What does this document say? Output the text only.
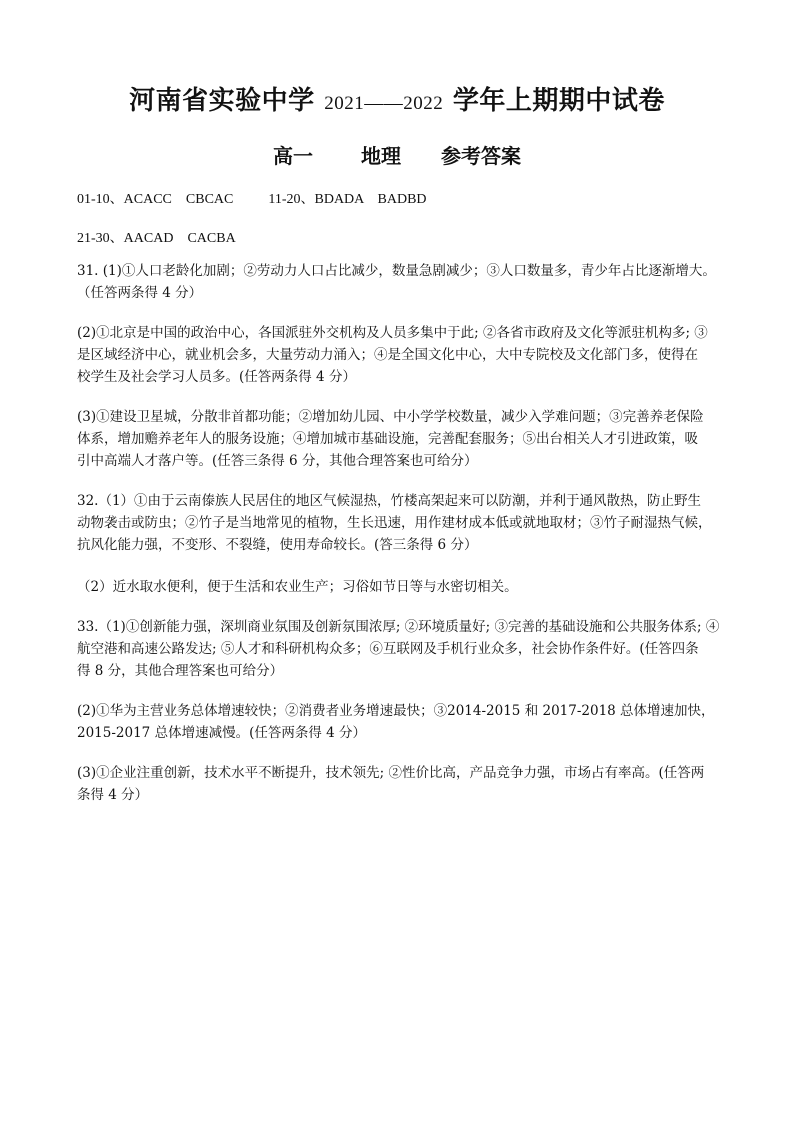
河南省实验中学 2021——2022 学年上期期中试卷
高一 地理 参考答案
01-10、ACACC    CBCAC          11-20、BDADA    BADBD
21-30、AACAD    CACBA
31. (1)①人口老龄化加剧；②劳动力人口占比减少，数量急剧减少；③人口数量多，青少年占比逐渐增大。
（任答两条得 4 分）
(2)①北京是中国的政治中心，各国派驻外交机构及人员多集中于此; ②各省市政府及文化等派驻机构多; ③
是区域经济中心，就业机会多，大量劳动力涌入；④是全国文化中心，大中专院校及文化部门多，使得在
校学生及社会学习人员多。(任答两条得 4 分）
(3)①建设卫星城，分散非首都功能；②增加幼儿园、中小学学校数量，减少入学难问题；③完善养老保险
体系，增加赡养老年人的服务设施；④增加城市基础设施，完善配套服务；⑤出台相关人才引进政策，吸
引中高端人才落户等。(任答三条得 6 分，其他合理答案也可给分）
32.（1）①由于云南傣族人民居住的地区气候湿热，竹楼高架起来可以防潮，并利于通风散热，防止野生
动物袭击或防虫；②竹子是当地常见的植物，生长迅速，用作建材成本低或就地取材；③竹子耐湿热气候，
抗风化能力强，不变形、不裂缝，使用寿命较长。(答三条得 6 分）
（2）近水取水便利，便于生活和农业生产；习俗如节日等与水密切相关。
33.（1)①创新能力强，深圳商业氛围及创新氛围浓厚; ②环境质量好; ③完善的基础设施和公共服务体系; ④
航空港和高速公路发达; ⑤人才和科研机构众多；⑥互联网及手机行业众多，社会协作条件好。(任答四条
得 8 分，其他合理答案也可给分）
(2)①华为主营业务总体增速较快；②消费者业务增速最快；③2014-2015 和 2017-2018 总体增速加快，
2015-2017 总体增速减慢。(任答两条得 4 分）
(3)①企业注重创新，技术水平不断提升，技术领先; ②性价比高，产品竞争力强，市场占有率高。(任答两
条得 4 分）
